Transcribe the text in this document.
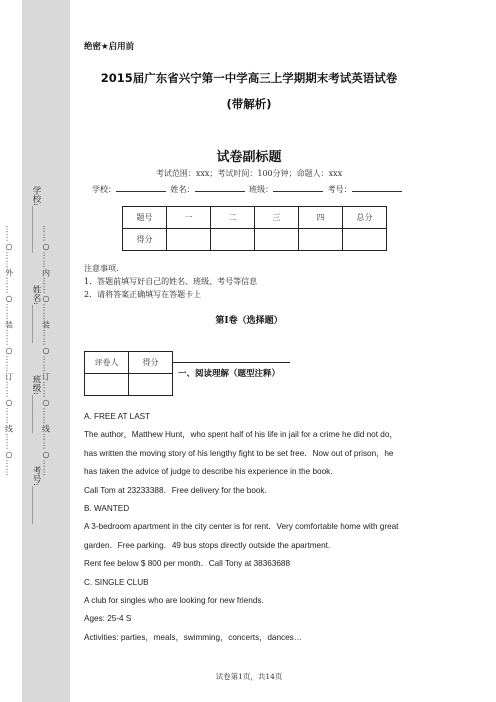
……○……外……○……装……○……订……○……线……○……	……○……内……○……装……○……订……○……线……○……
学校:___________
姓名:_________
班级:_________
考号:_________
绝密★启用前
2015届广东省兴宁第一中学高三上学期期末考试英语试卷
(带解析)
试卷副标题
考试范围：xxx；考试时间：100分钟；命题人：xxx
学校：	姓名：	班级：	考号：
题号	一	二	三	四	总分
得分					
注意事项.
1．答题前填写好自己的姓名、班级、考号等信息
2．请将答案正确填写在答题卡上
第I卷（选择题）
评卷人	得分

一、阅读理解（题型注释）
A. FREE AT LAST
The author，Matthew Hunt，who spent half of his life in jail for a crime he did not do，
has written the moving story of his lengthy fight to be set free．Now out of prison，he
has taken the advice of judge to describe his experience in the book.
Call Tom at 23233388．Free delivery for the book.
B. WANTED
A 3-bedroom apartment in the city center is for rent．Very comfortable home with great
garden．Free parking．49 bus stops directly outside the apartment.
Rent fee below $ 800 per month．Call Tony at 38363688
C. SINGLE CLUB
A club for singles who are looking for new friends.
Ages: 25-4 S
Activities: parties，meals，swimming，concerts，dances…
试卷第1页，共14页
